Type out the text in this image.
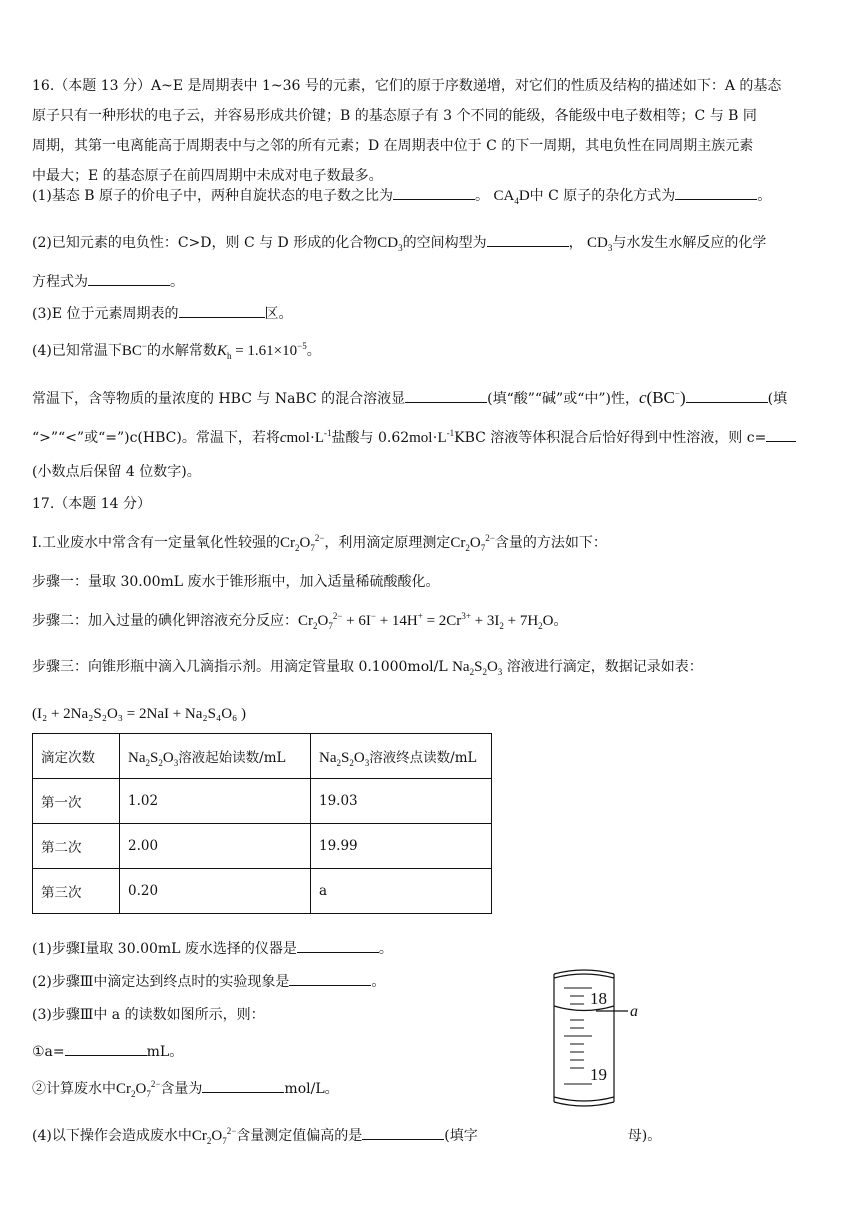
16.（本题 13 分）A~E 是周期表中 1~36 号的元素，它们的原于序数递增，对它们的性质及结构的描述如下：A 的基态
原子只有一种形状的电子云，并容易形成共价键；B 的基态原子有 3 个不同的能级，各能级中电子数相等；C 与 B 同
周期，其第一电离能高于周期表中与之邻的所有元素；D 在周期表中位于 C 的下一周期，其电负性在同周期主族元素
中最大；E 的基态原子在前四周期中未成对电子数最多。
(1)基态 B 原子的价电子中，两种自旋状态的电子数之比为	。 $CA_4D$中 C 原子的杂化方式为	。
(2)已知元素的电负性：C>D，则 C 与 D 形成的化合物$CD_3$的空间构型为	， $CD_3$与水发生水解反应的化学
方程式为	。
(3)E 位于元素周期表的	区。
(4)已知常温下BC−的水解常数$K_h = 1.61\times 10^{-5}$。
常温下，含等物质的量浓度的 HBC 与 NaBC 的混合溶液显	(填“酸”“碱”或“中”)性，c(BC−)	(填
“>”“<”或“=”)c(HBC)。常温下，若将$cmol\cdot L^{-1}$盐酸与 $0.62mol\cdot L^{-1}KBC$ 溶液等体积混合后恰好得到中性溶液，则 c=
(小数点后保留 4 位数字)。
17.（本题 14 分）
Ⅰ.工业废水中常含有一定量氧化性较强的$Cr_2O_7^{2-}$，利用滴定原理测定$Cr_2O_7^{2-}$含量的方法如下：
步骤一：量取 30.00mL 废水于锥形瓶中，加入适量稀硫酸酸化。
步骤二：加入过量的碘化钾溶液充分反应：$Cr_2O_7^{2-} + 6I^- + 14H^+ = 2Cr^{3+} + 3I_2 + 7H_2O$。
步骤三：向锥形瓶中滴入几滴指示剂。用滴定管量取 0.1000mol/L $Na_2S_2O_3$ 溶液进行滴定，数据记录如表：
(I₂ + 2Na₂S₂O₃ = 2NaI + Na₂S₄O₆ )
滴定次数	$Na_2S_2O_3$溶液起始读数/mL	$Na_2S_2O_3$溶液终点读数/mL
第一次	1.02	19.03
第二次	2.00	19.99
第三次	0.20	a
(1)步骤Ⅰ量取 30.00mL 废水选择的仪器是	。
(2)步骤Ⅲ中滴定达到终点时的实验现象是	。
(3)步骤Ⅲ中 a 的读数如图所示，则：
①a=	mL。
②计算废水中$Cr_2O_7^{2-}$含量为	mol/L。
(4)以下操作会造成废水中$Cr_2O_7^{2-}$含量测定值偏高的是	(填字	母)。
18
19
a
